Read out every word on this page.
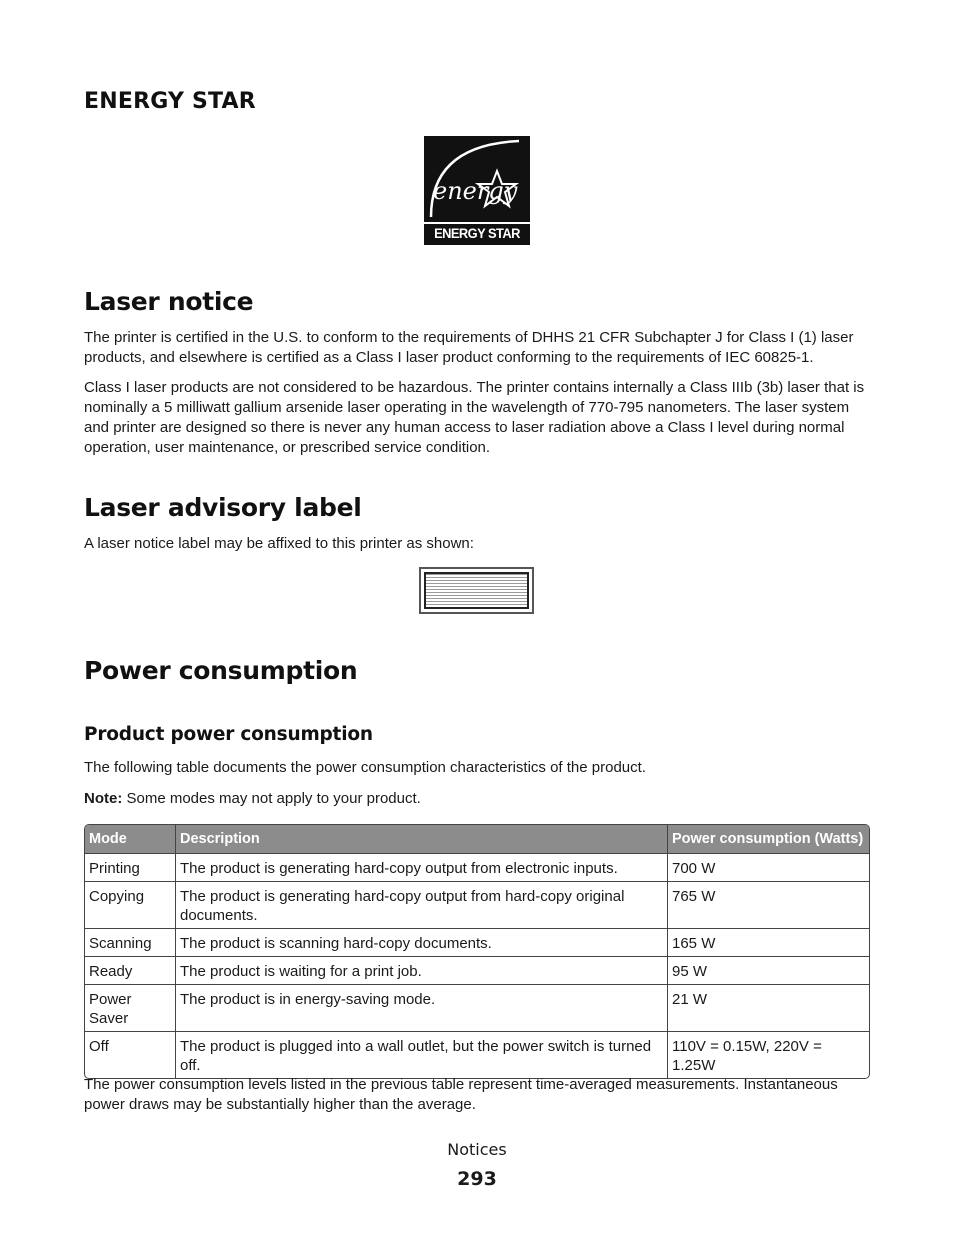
ENERGY STAR
energy
ENERGY STAR
Laser notice

The printer is certified in the U.S. to conform to the requirements of DHHS 21 CFR Subchapter J for Class I (1) laser products, and elsewhere is certified as a Class I laser product conforming to the requirements of IEC 60825-1.

Class I laser products are not considered to be hazardous. The printer contains internally a Class IIIb (3b) laser that is nominally a 5 milliwatt gallium arsenide laser operating in the wavelength of 770-795 nanometers. The laser system and printer are designed so there is never any human access to laser radiation above a Class I level during normal operation, user maintenance, or prescribed service condition.

Laser advisory label

A laser notice label may be affixed to this printer as shown:

Power consumption
Product power consumption

The following table documents the power consumption characteristics of the product.

Note: Some modes may not apply to your product.

Mode	Description	Power consumption (Watts)
Printing	The product is generating hard-copy output from electronic inputs.	700 W
Copying	The product is generating hard-copy output from hard-copy original documents.	765 W
Scanning	The product is scanning hard-copy documents.	165 W
Ready	The product is waiting for a print job.	95 W
Power Saver	The product is in energy-saving mode.	21 W
Off	The product is plugged into a wall outlet, but the power switch is turned off.	110V = 0.15W, 220V = 1.25W

The power consumption levels listed in the previous table represent time-averaged measurements. Instantaneous power draws may be substantially higher than the average.

Notices
293
